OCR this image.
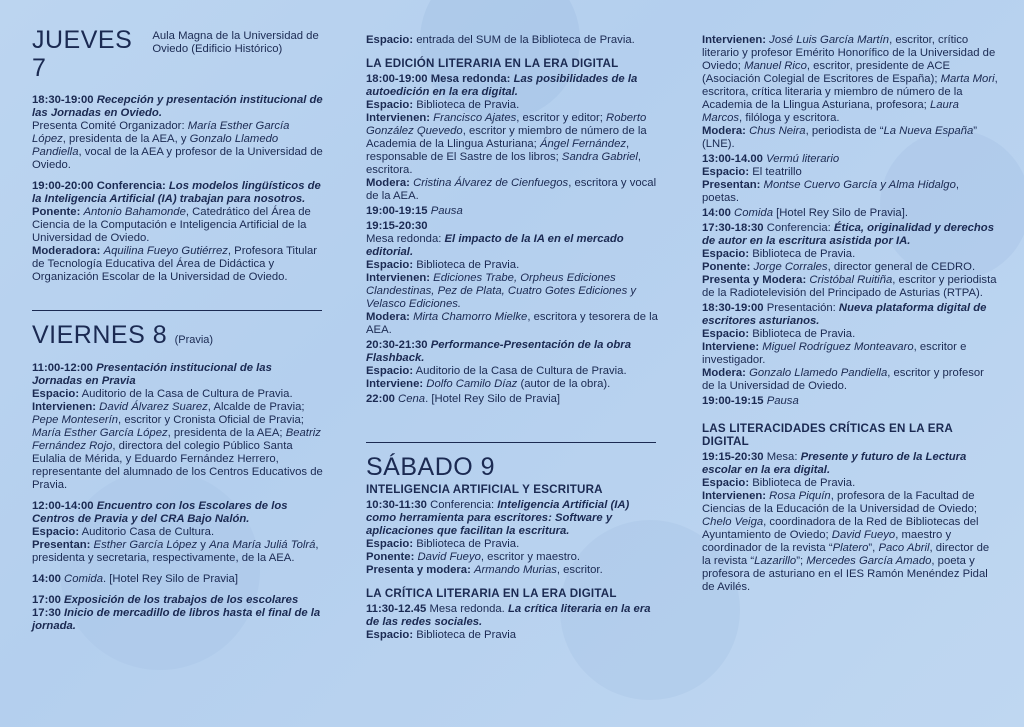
JUEVES 7
Aula Magna de la Universidad de Oviedo (Edificio Histórico)

18:30-19:00 Recepción y presentación institucional de las Jornadas en Oviedo.
Presenta Comité Organizador: María Esther García López, presidenta de la AEA, y Gonzalo Llamedo Pandiella, vocal de la AEA y profesor de la Universidad de Oviedo.

19:00-20:00 Conferencia: Los modelos lingüísticos de la Inteligencia Artificial (IA) trabajan para nosotros.
Ponente: Antonio Bahamonde, Catedrático del Área de Ciencia de la Computación e Inteligencia Artificial de la Universidad de Oviedo.
Moderadora: Aquilina Fueyo Gutiérrez, Profesora Titular de Tecnología Educativa del Área de Didáctica y Organización Escolar de la Universidad de Oviedo.

VIERNES 8 (Pravia)

11:00-12:00 Presentación institucional de las Jornadas en Pravia
Espacio: Auditorio de la Casa de Cultura de Pravia.
Intervienen: David Álvarez Suarez, Alcalde de Pravia; Pepe Monteserín, escritor y Cronista Oficial de Pravia; María Esther García López, presidenta de la AEA; Beatriz Fernández Rojo, directora del colegio Público Santa Eulalia de Mérida, y Eduardo Fernández Herrero, representante del alumnado de los Centros Educativos de Pravia.

12:00-14:00 Encuentro con los Escolares de los Centros de Pravia y del CRA Bajo Nalón.
Espacio: Auditorio Casa de Cultura.
Presentan: Esther García López y Ana María Juliá Tolrá, presidenta y secretaria, respectivamente, de la AEA.

14:00 Comida. [Hotel Rey Silo de Pravia]

17:00 Exposición de los trabajos de los escolares
17:30 Inicio de mercadillo de libros hasta el final de la jornada.

Espacio: entrada del SUM de la Biblioteca de Pravia.

LA EDICIÓN LITERARIA EN LA ERA DIGITAL

18:00-19:00 Mesa redonda: Las posibilidades de la autoedición en la era digital.
Espacio: Biblioteca de Pravia.
Intervienen: Francisco Ajates, escritor y editor; Roberto González Quevedo, escritor y miembro de número de la Academia de la Llingua Asturiana; Ángel Fernández, responsable de El Sastre de los libros; Sandra Gabriel, escritora.
Modera: Cristina Álvarez de Cienfuegos, escritora y vocal de la AEA.

19:00-19:15 Pausa

19:15-20:30
Mesa redonda: El impacto de la IA en el mercado editorial.
Espacio: Biblioteca de Pravia.
Intervienen: Ediciones Trabe, Orpheus Ediciones Clandestinas, Pez de Plata, Cuatro Gotes Ediciones y Velasco Ediciones.
Modera: Mirta Chamorro Mielke, escritora y tesorera de la AEA.

20:30-21:30 Performance-Presentación de la obra Flashback.
Espacio: Auditorio de la Casa de Cultura de Pravia.
Interviene: Dolfo Camilo Díaz (autor de la obra).

22:00 Cena. [Hotel Rey Silo de Pravia]

SÁBADO 9
INTELIGENCIA ARTIFICIAL Y ESCRITURA

10:30-11:30 Conferencia: Inteligencia Artificial (IA) como herramienta para escritores: Software y aplicaciones que facilitan la escritura.
Espacio: Biblioteca de Pravia.
Ponente: David Fueyo, escritor y maestro.
Presenta y modera: Armando Murias, escritor.

LA CRÍTICA LITERARIA EN LA ERA DIGITAL

11:30-12.45 Mesa redonda. La crítica literaria en la era de las redes sociales.
Espacio: Biblioteca de Pravia

Intervienen: José Luis García Martín, escritor, crítico literario y profesor Emérito Honorífico de la Universidad de Oviedo; Manuel Rico, escritor, presidente de ACE (Asociación Colegial de Escritores de España); Marta Mori, escritora, crítica literaria y miembro de número de la Academia de la Llingua Asturiana, profesora; Laura Marcos, filóloga y escritora.
Modera: Chus Neira, periodista de “La Nueva España” (LNE).

13:00-14.00 Vermú literario
Espacio: El teatrillo
Presentan: Montse Cuervo García y Alma Hidalgo, poetas.

14:00 Comida [Hotel Rey Silo de Pravia].

17:30-18:30 Conferencia: Ética, originalidad y derechos de autor en la escritura asistida por IA.
Espacio: Biblioteca de Pravia.
Ponente: Jorge Corrales, director general de CEDRO.
Presenta y Modera: Cristóbal Ruitiña, escritor y periodista de la Radiotelevisión del Principado de Asturias (RTPA).

18:30-19:00 Presentación: Nueva plataforma digital de escritores asturianos.
Espacio: Biblioteca de Pravia.
Interviene: Miguel Rodríguez Monteavaro, escritor e investigador.
Modera: Gonzalo Llamedo Pandiella, escritor y profesor de la Universidad de Oviedo.

19:00-19:15 Pausa

LAS LITERACIDADES CRÍTICAS EN LA ERA DIGITAL

19:15-20:30 Mesa: Presente y futuro de la Lectura escolar en la era digital.
Espacio: Biblioteca de Pravia.
Intervienen: Rosa Piquín, profesora de la Facultad de Ciencias de la Educación de la Universidad de Oviedo; Chelo Veiga, coordinadora de la Red de Bibliotecas del Ayuntamiento de Oviedo; David Fueyo, maestro y coordinador de la revista “Platero”, Paco Abril, director de la revista “Lazarillo”; Mercedes García Amado, poeta y profesora de asturiano en el IES Ramón Menéndez Pidal de Avilés.
